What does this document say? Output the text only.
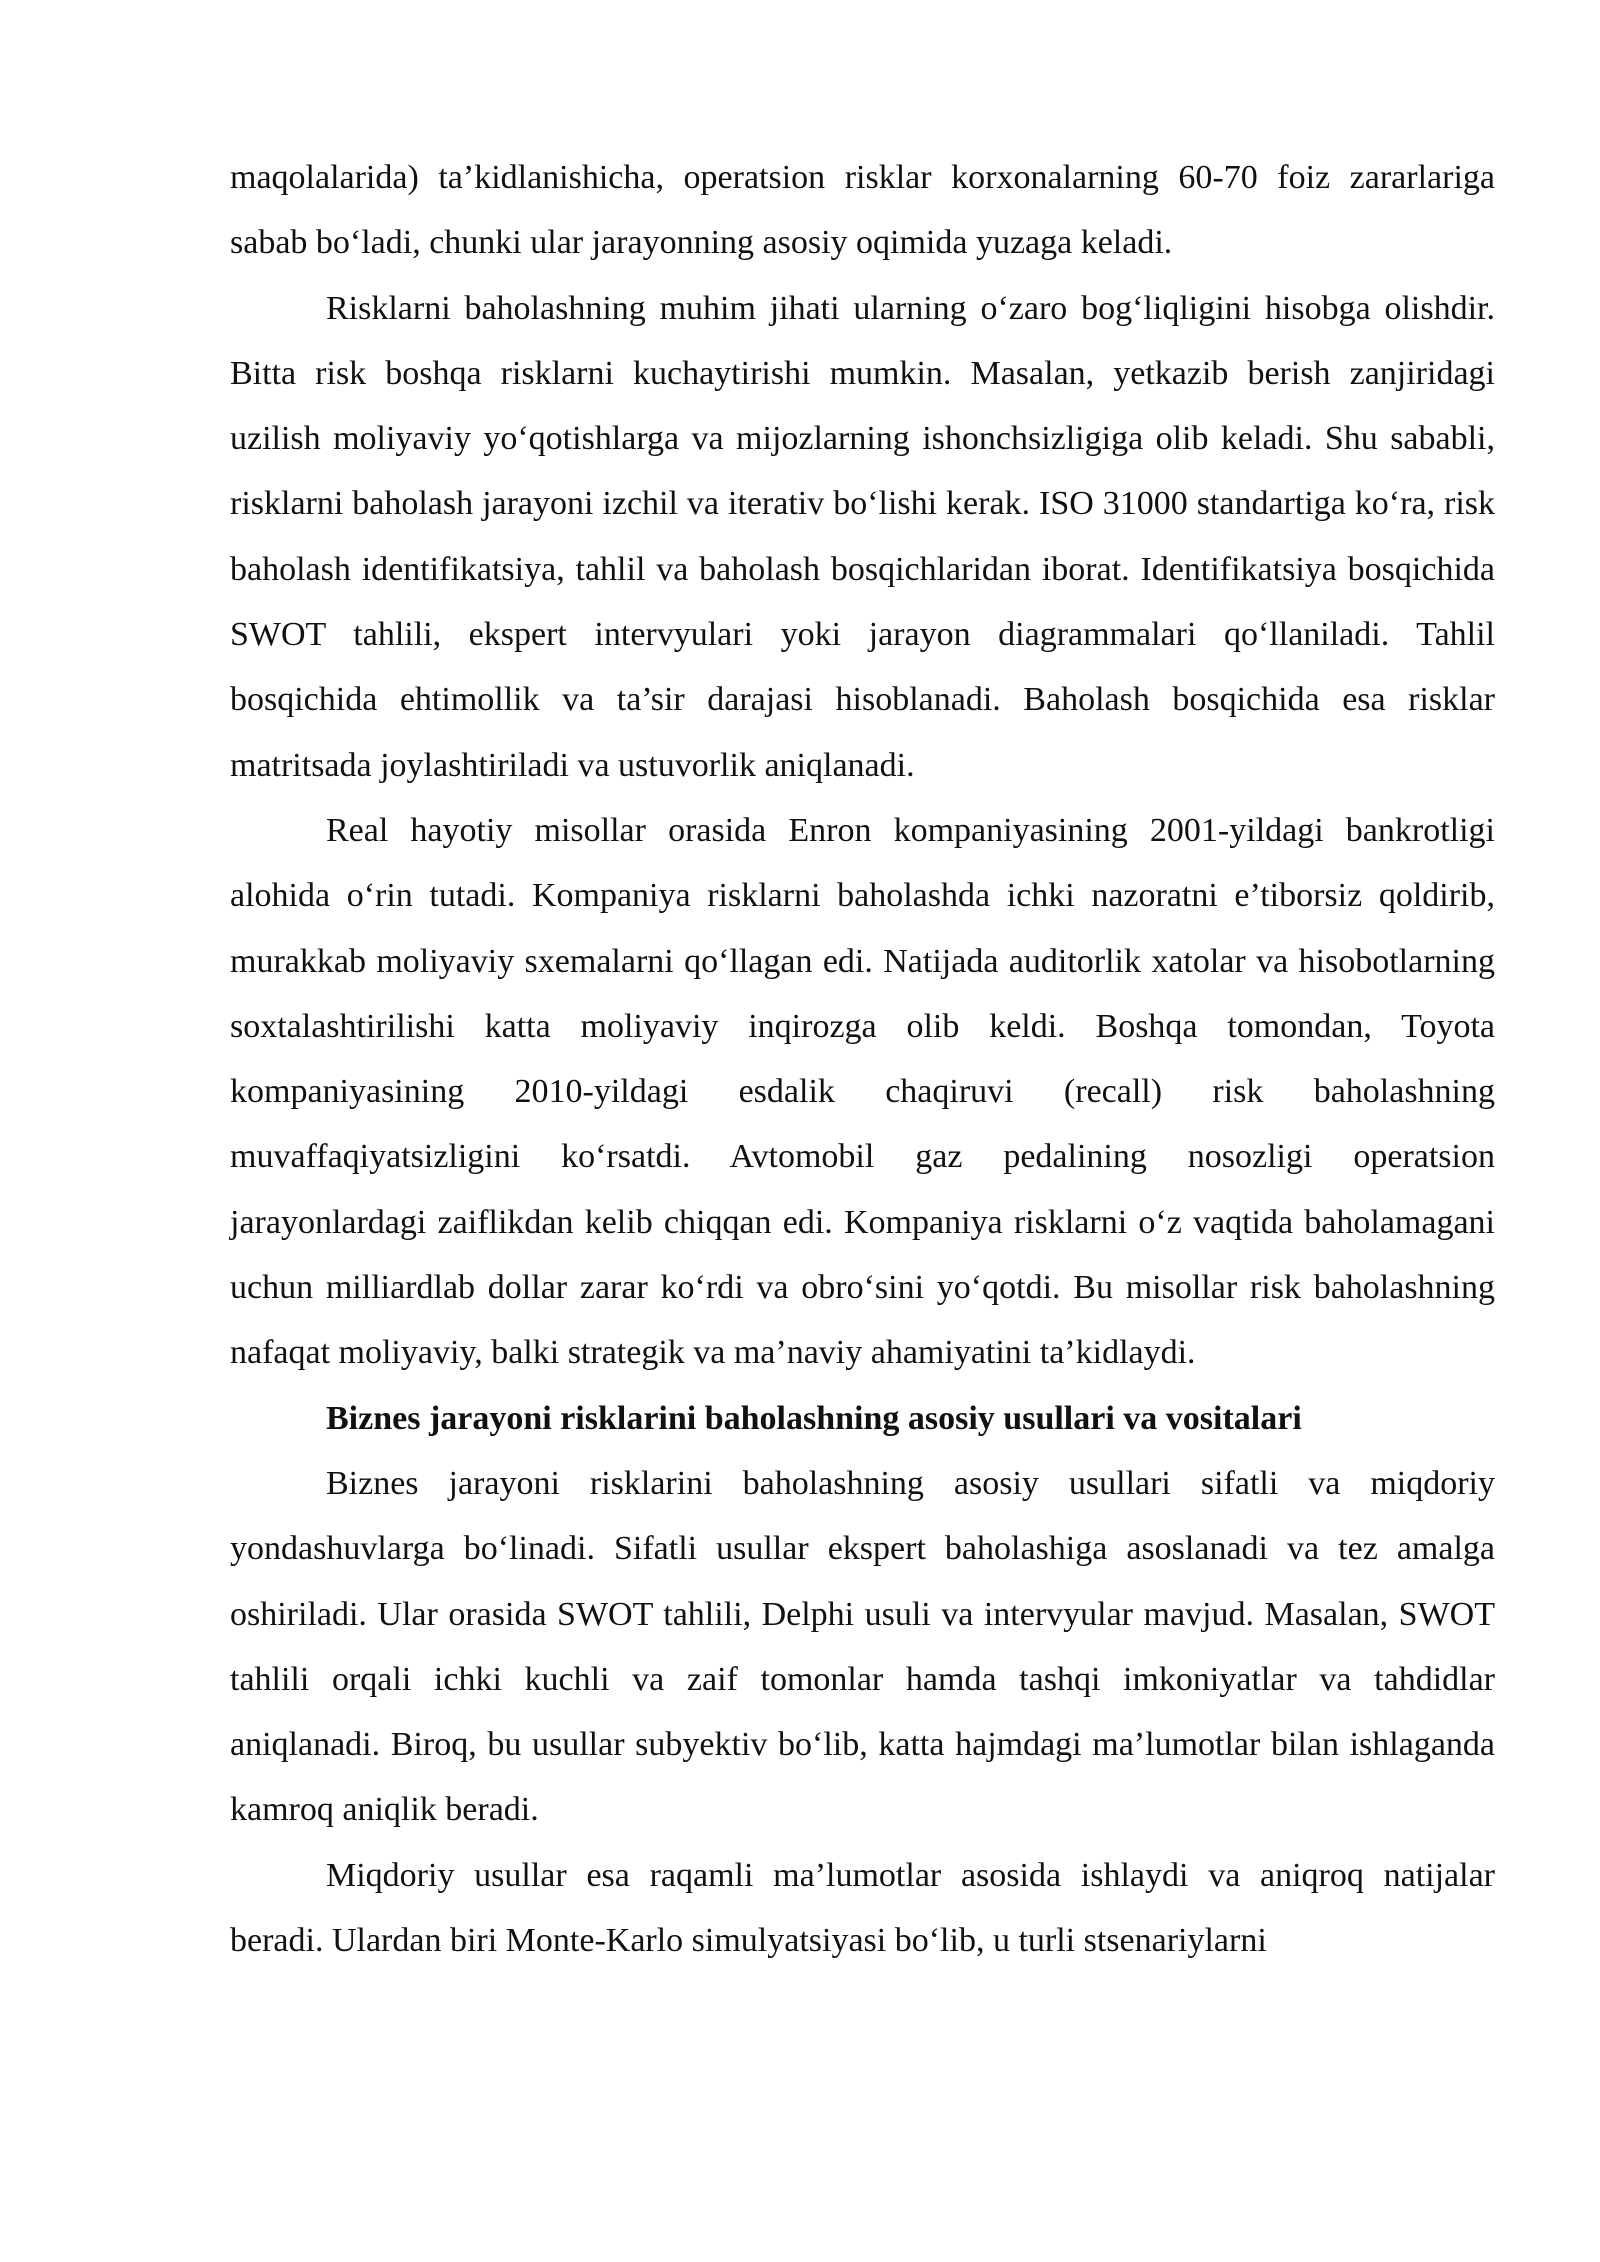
maqolalarida) ta’kidlanishicha, operatsion risklar korxonalarning 60-70 foiz zararlariga sabab bo‘ladi, chunki ular jarayonning asosiy oqimida yuzaga keladi.

Risklarni baholashning muhim jihati ularning o‘zaro bog‘liqligini hisobga olishdir. Bitta risk boshqa risklarni kuchaytirishi mumkin. Masalan, yetkazib berish zanjiridagi uzilish moliyaviy yo‘qotishlarga va mijozlarning ishonchsizligiga olib keladi. Shu sababli, risklarni baholash jarayoni izchil va iterativ bo‘lishi kerak. ISO 31000 standartiga ko‘ra, risk baholash identifikatsiya, tahlil va baholash bosqichlaridan iborat. Identifikatsiya bosqichida SWOT tahlili, ekspert intervyulari yoki jarayon diagrammalari qo‘llaniladi. Tahlil bosqichida ehtimollik va ta’sir darajasi hisoblanadi. Baholash bosqichida esa risklar matritsada joylashtiriladi va ustuvorlik aniqlanadi.

Real hayotiy misollar orasida Enron kompaniyasining 2001-yildagi bankrotligi alohida o‘rin tutadi. Kompaniya risklarni baholashda ichki nazoratni e’tiborsiz qoldirib, murakkab moliyaviy sxemalarni qo‘llagan edi. Natijada auditorlik xatolar va hisobotlarning soxtalashtirilishi katta moliyaviy inqirozga olib keldi. Boshqa tomondan, Toyota kompaniyasining 2010-yildagi esdalik chaqiruvi (recall) risk baholashning muvaffaqiyatsizligini ko‘rsatdi. Avtomobil gaz pedalining nosozligi operatsion jarayonlardagi zaiflikdan kelib chiqqan edi. Kompaniya risklarni o‘z vaqtida baholamagani uchun milliardlab dollar zarar ko‘rdi va obro‘sini yo‘qotdi. Bu misollar risk baholashning nafaqat moliyaviy, balki strategik va ma’naviy ahamiyatini ta’kidlaydi.

Biznes jarayoni risklarini baholashning asosiy usullari va vositalari

Biznes jarayoni risklarini baholashning asosiy usullari sifatli va miqdoriy yondashuvlarga bo‘linadi. Sifatli usullar ekspert baholashiga asoslanadi va tez amalga oshiriladi. Ular orasida SWOT tahlili, Delphi usuli va intervyular mavjud. Masalan, SWOT tahlili orqali ichki kuchli va zaif tomonlar hamda tashqi imkoniyatlar va tahdidlar aniqlanadi. Biroq, bu usullar subyektiv bo‘lib, katta hajmdagi ma’lumotlar bilan ishlaganda kamroq aniqlik beradi.

Miqdoriy usullar esa raqamli ma’lumotlar asosida ishlaydi va aniqroq natijalar beradi. Ulardan biri Monte-Karlo simulyatsiyasi bo‘lib, u turli stsenariylarni
